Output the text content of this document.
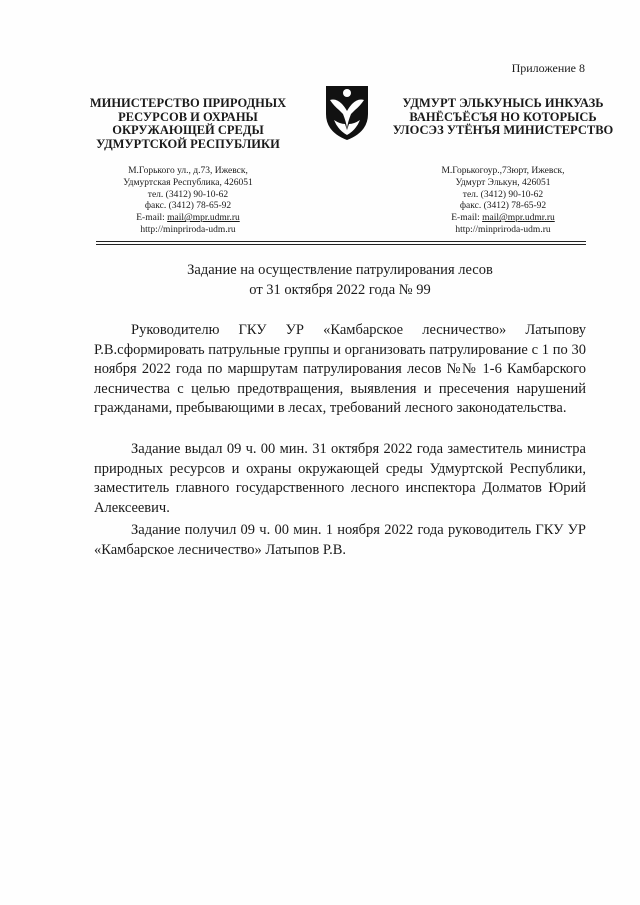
Приложение 8
МИНИСТЕРСТВО ПРИРОДНЫХ РЕСУРСОВ И ОХРАНЫ ОКРУЖАЮЩЕЙ СРЕДЫ УДМУРТСКОЙ РЕСПУБЛИКИ
УДМУРТ ЭЛЬКУНЫСЬ ИНКУАЗЬ ВАНЁСЪЁСЪЯ НО КОТОРЫСЬ УЛОСЭЗ УТЁНЪЯ МИНИСТЕРСТВО
М.Горького ул., д.73, Ижевск,
Удмуртская Республика, 426051
тел. (3412) 90-10-62
факс. (3412) 78-65-92
E-mail: mail@mpr.udmr.ru
http://minpriroda-udm.ru
М.Горькогоур.,73юрт, Ижевск,
Удмурт Элькун, 426051
тел. (3412) 90-10-62
факс. (3412) 78-65-92
E-mail: mail@mpr.udmr.ru
http://minpriroda-udm.ru
Задание на осуществление патрулирования лесов
от 31 октября 2022 года № 99
Руководителю ГКУ УР «Камбарское лесничество» Латыпову Р.В.сформировать патрульные группы и организовать патрулирование с 1 по 30 ноября 2022 года по маршрутам патрулирования лесов №№ 1-6 Камбарского лесничества с целью предотвращения, выявления и пресечения нарушений гражданами, пребывающими в лесах, требований лесного законодательства.
Задание выдал 09 ч. 00 мин. 31 октября 2022 года заместитель министра природных ресурсов и охраны окружающей среды Удмуртской Республики, заместитель главного государственного лесного инспектора Долматов Юрий Алексеевич.
Задание получил 09 ч. 00 мин. 1 ноября 2022 года руководитель ГКУ УР «Камбарское лесничество» Латыпов Р.В.
